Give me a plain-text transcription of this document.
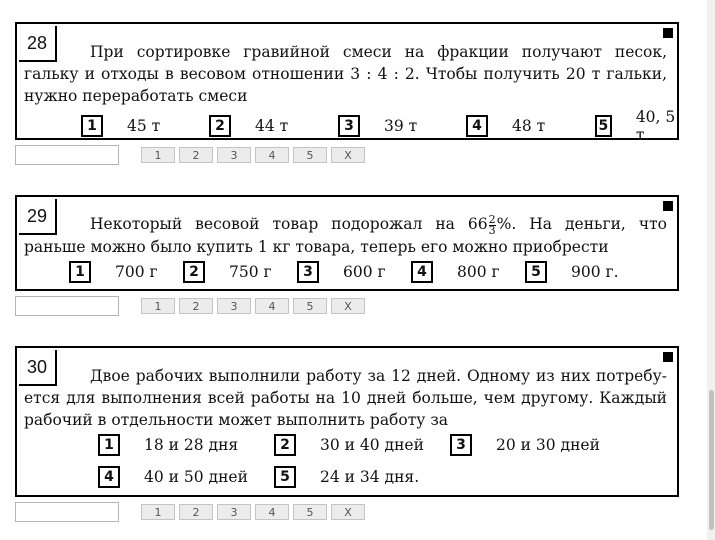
28	При сортировке гравийной смеси на фракции получают песок, гальку и отходы в весовом отношении 3 : 4 : 2. Чтобы получить 20 т гальки, нужно переработать смеси
1	45 т	2	44 т	3	39 т	4	48 т	5 40, 5 т.
1	2	3	4	5	X
29	Некоторый весовой товар подорожал на $66 \frac{2}{3}$ %. На деньги, что раньше можно было купить 1 кг товара, теперь его можно приобрести
1	700 г	2	750 г	3	600 г	4	800 г	5	900 г.
1	2	3	4	5	X
30	Двое рабочих выполнили работу за 12 дней. Одному из них потребу-ется для выполнения всей работы на 10 дней больше, чем другому. Каждый рабочий в отдельности может выполнить работу за
1	18 и 28 дня	2	30 и 40 дней	3	20 и 30 дней
4	40 и 50 дней	5	24 и 34 дня.
1	2	3	4	5	X
